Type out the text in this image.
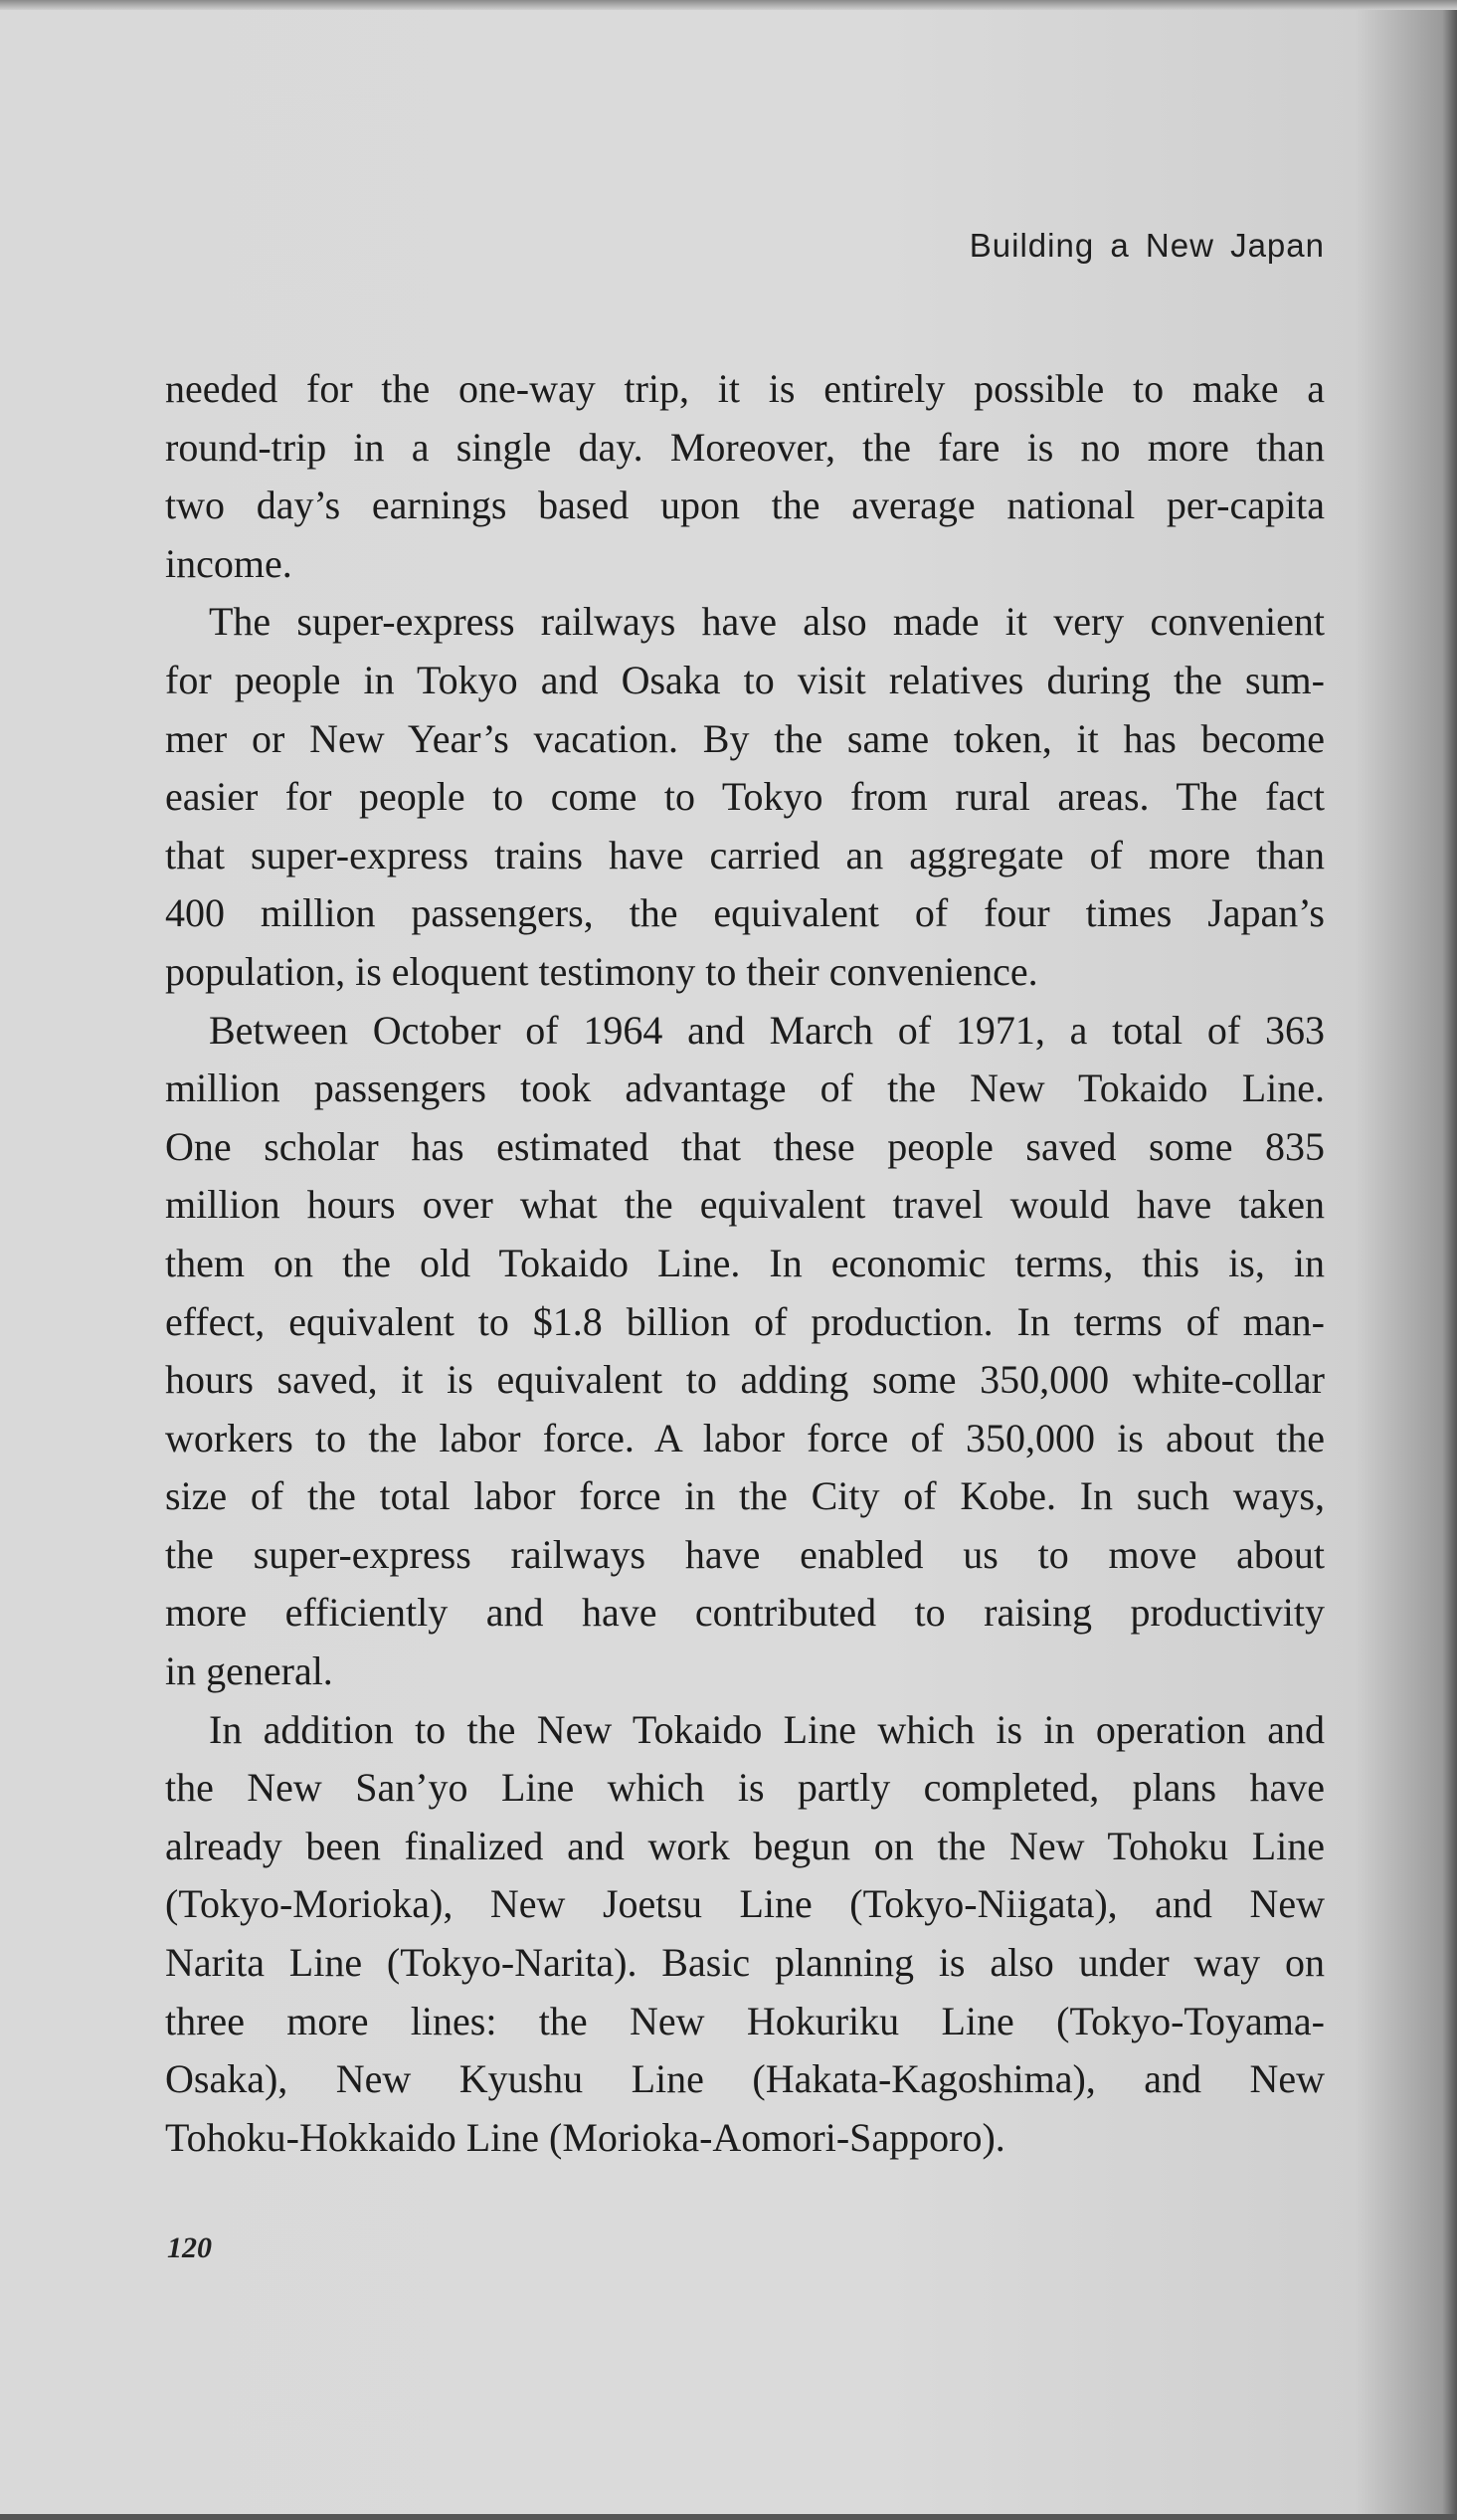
Building a New Japan
needed for the one-way trip, it is entirely possible to make a
round-trip in a single day. Moreover, the fare is no more than
two day’s earnings based upon the average national per-capita
income.
The super-express railways have also made it very convenient
for people in Tokyo and Osaka to visit relatives during the sum-
mer or New Year’s vacation. By the same token, it has become
easier for people to come to Tokyo from rural areas. The fact
that super-express trains have carried an aggregate of more than
400 million passengers, the equivalent of four times Japan’s
population, is eloquent testimony to their convenience.
Between October of 1964 and March of 1971, a total of 363
million passengers took advantage of the New Tokaido Line.
One scholar has estimated that these people saved some 835
million hours over what the equivalent travel would have taken
them on the old Tokaido Line. In economic terms, this is, in
effect, equivalent to $1.8 billion of production. In terms of man-
hours saved, it is equivalent to adding some 350,000 white-collar
workers to the labor force. A labor force of 350,000 is about the
size of the total labor force in the City of Kobe. In such ways,
the super-express railways have enabled us to move about
more efficiently and have contributed to raising productivity
in general.
In addition to the New Tokaido Line which is in operation and
the New San’yo Line which is partly completed, plans have
already been finalized and work begun on the New Tohoku Line
(Tokyo-Morioka), New Joetsu Line (Tokyo-Niigata), and New
Narita Line (Tokyo-Narita). Basic planning is also under way on
three more lines: the New Hokuriku Line (Tokyo-Toyama-
Osaka), New Kyushu Line (Hakata-Kagoshima), and New
Tohoku-Hokkaido Line (Morioka-Aomori-Sapporo).
120
